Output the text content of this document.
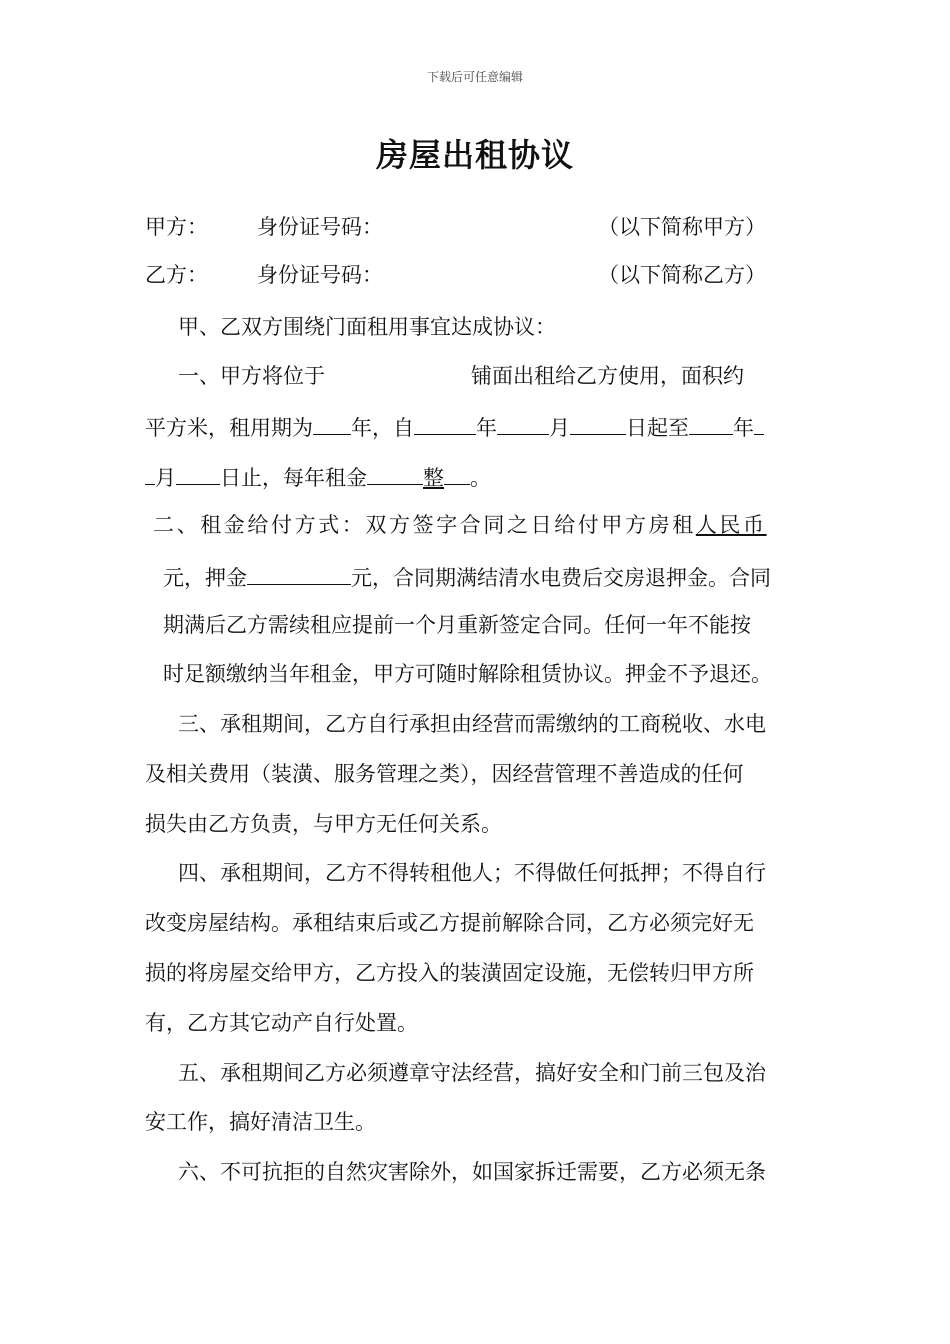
下载后可任意编辑
房屋出租协议
甲方： 身份证号码：	（以下简称甲方）
乙方： 身份证号码：	（以下简称乙方）
甲、乙双方围绕门面租用事宜达成协议：
一、甲方将位于	铺面出租给乙方使用，面积约
平方米，租用期为 年，自	年 月	日起至 年
月 日止，每年租金	整 。
二、租金给付方式：双方签字合同之日给付甲方房租人民币
元，押金	元，合同期满结清水电费后交房退押金。合同
期满后乙方需续租应提前一个月重新签定合同。任何一年不能按
时足额缴纳当年租金，甲方可随时解除租赁协议。押金不予退还。
三、承租期间，乙方自行承担由经营而需缴纳的工商税收、水电
及相关费用（装潢、服务管理之类），因经营管理不善造成的任何
损失由乙方负责，与甲方无任何关系。
四、承租期间，乙方不得转租他人；不得做任何抵押；不得自行
改变房屋结构。承租结束后或乙方提前解除合同，乙方必须完好无
损的将房屋交给甲方，乙方投入的装潢固定设施，无偿转归甲方所
有，乙方其它动产自行处置。
五、承租期间乙方必须遵章守法经营，搞好安全和门前三包及治
安工作，搞好清洁卫生。
六、不可抗拒的自然灾害除外，如国家拆迁需要，乙方必须无条
